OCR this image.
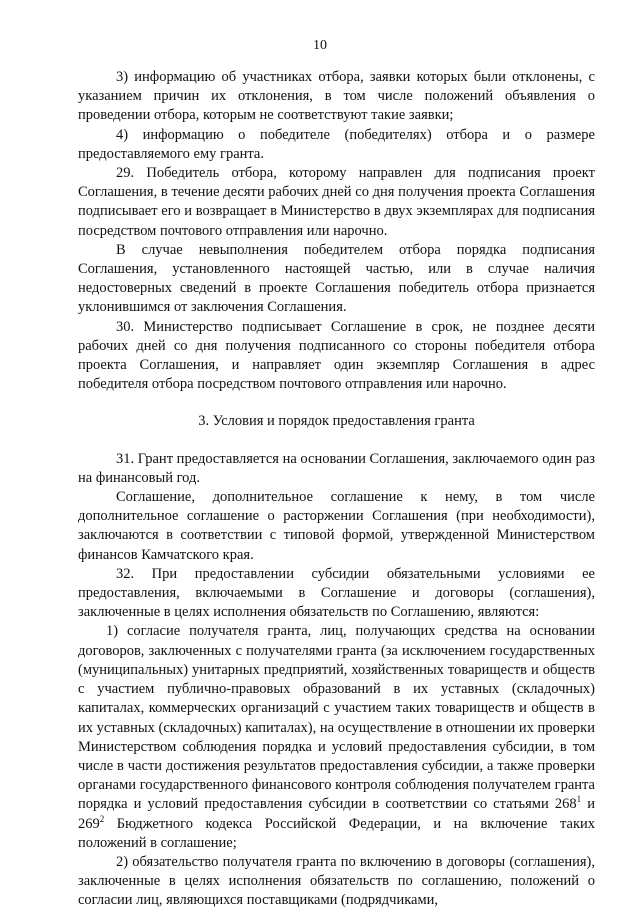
10

3) информацию об участниках отбора, заявки которых были отклонены, с указанием причин их отклонения, в том числе положений объявления о проведении отбора, которым не соответствуют такие заявки;

4) информацию о победителе (победителях) отбора и о размере предоставляемого ему гранта.

29. Победитель отбора, которому направлен для подписания проект Соглашения, в течение десяти рабочих дней со дня получения проекта Соглашения подписывает его и возвращает в Министерство в двух экземплярах для подписания посредством почтового отправления или нарочно.

В случае невыполнения победителем отбора порядка подписания Соглашения, установленного настоящей частью, или в случае наличия недостоверных сведений в проекте Соглашения победитель отбора признается уклонившимся от заключения Соглашения.

30. Министерство подписывает Соглашение в срок, не позднее десяти рабочих дней со дня получения подписанного со стороны победителя отбора проекта Соглашения, и направляет один экземпляр Соглашения в адрес победителя отбора посредством почтового отправления или нарочно.

3. Условия и порядок предоставления гранта

31. Грант предоставляется на основании Соглашения, заключаемого один раз на финансовый год.

Соглашение, дополнительное соглашение к нему, в том числе дополнительное соглашение о расторжении Соглашения (при необходимости), заключаются в соответствии с типовой формой, утвержденной Министерством финансов Камчатского края.

32. При предоставлении субсидии обязательными условиями ее предоставления, включаемыми в Соглашение и договоры (соглашения), заключенные в целях исполнения обязательств по Соглашению, являются:

1) согласие получателя гранта, лиц, получающих средства на основании договоров, заключенных с получателями гранта (за исключением государственных (муниципальных) унитарных предприятий, хозяйственных товариществ и обществ с участием публично-правовых образований в их уставных (складочных) капиталах, коммерческих организаций с участием таких товариществ и обществ в их уставных (складочных) капиталах), на осуществление в отношении их проверки Министерством соблюдения порядка и условий предоставления субсидии, в том числе в части достижения результатов предоставления субсидии, а также проверки органами государственного финансового контроля соблюдения получателем гранта порядка и условий предоставления субсидии в соответствии со статьями $268^1$ и $269^2$ Бюджетного кодекса Российской Федерации, и на включение таких положений в соглашение;

2) обязательство получателя гранта по включению в договоры (соглашения), заключенные в целях исполнения обязательств по соглашению, положений о согласии лиц, являющихся поставщиками (подрядчиками,
